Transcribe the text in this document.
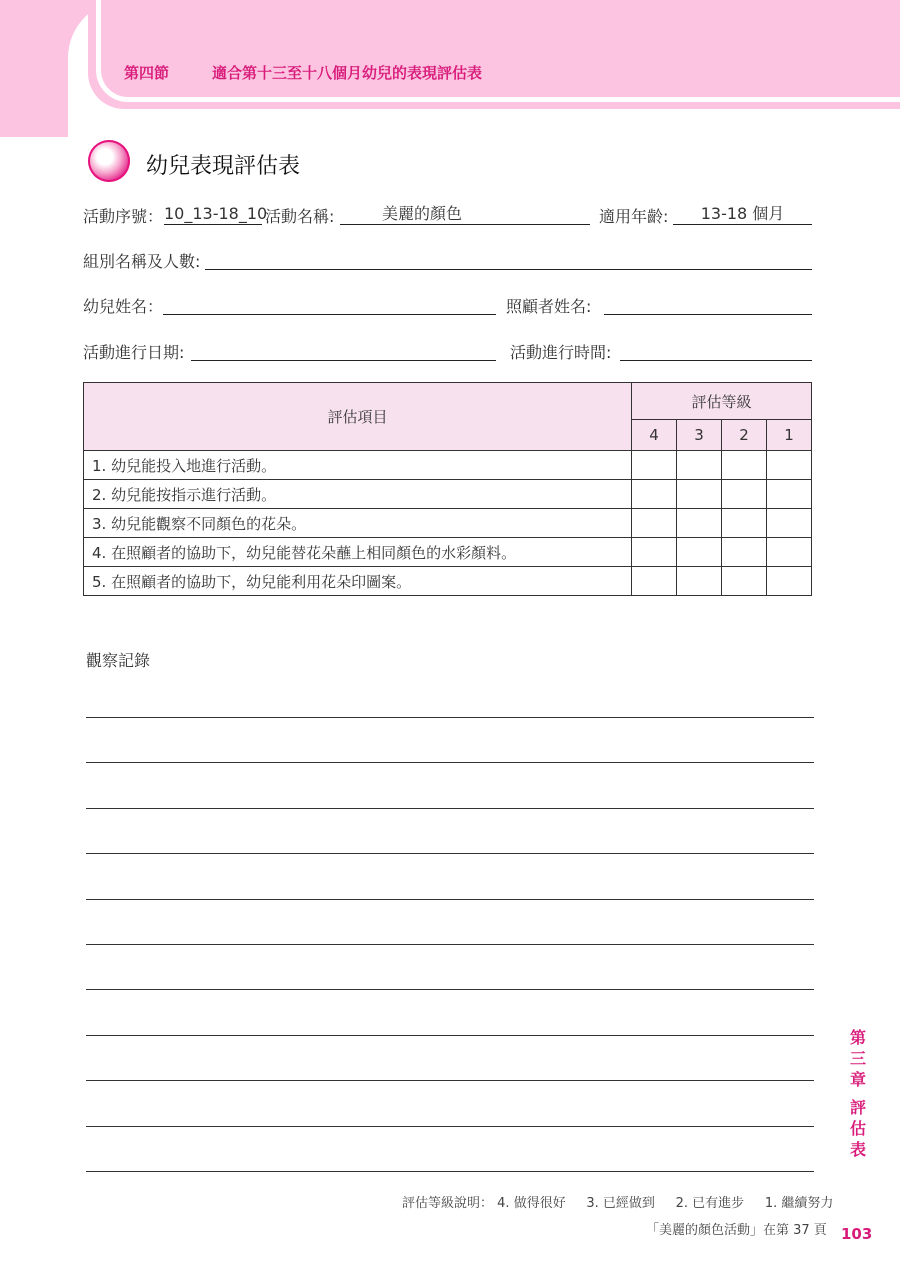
第四節	適合第十三至十八個月幼兒的表現評估表
幼兒表現評估表
活動序號： 10_13-18_10
活動名稱:	美麗的顏色	適用年齡:	13-18 個月
組別名稱及人數:
幼兒姓名：	照顧者姓名:
活動進行日期:	活動進行時間:
評估項目	評估等級			
	4	3	2	1
1. 幼兒能投入地進行活動。				
2. 幼兒能按指示進行活動。				
3. 幼兒能觀察不同顏色的花朵。				
4. 在照顧者的協助下，幼兒能替花朵蘸上相同顏色的水彩顏料。				
5. 在照顧者的協助下，幼兒能利用花朵印圖案。				
觀察記錄
第
三
章
評
估
表
評估等級說明： 4. 做得很好 3. 已經做到 2. 已有進步 1. 繼續努力
「美麗的顏色活動」在第 37 頁 103
